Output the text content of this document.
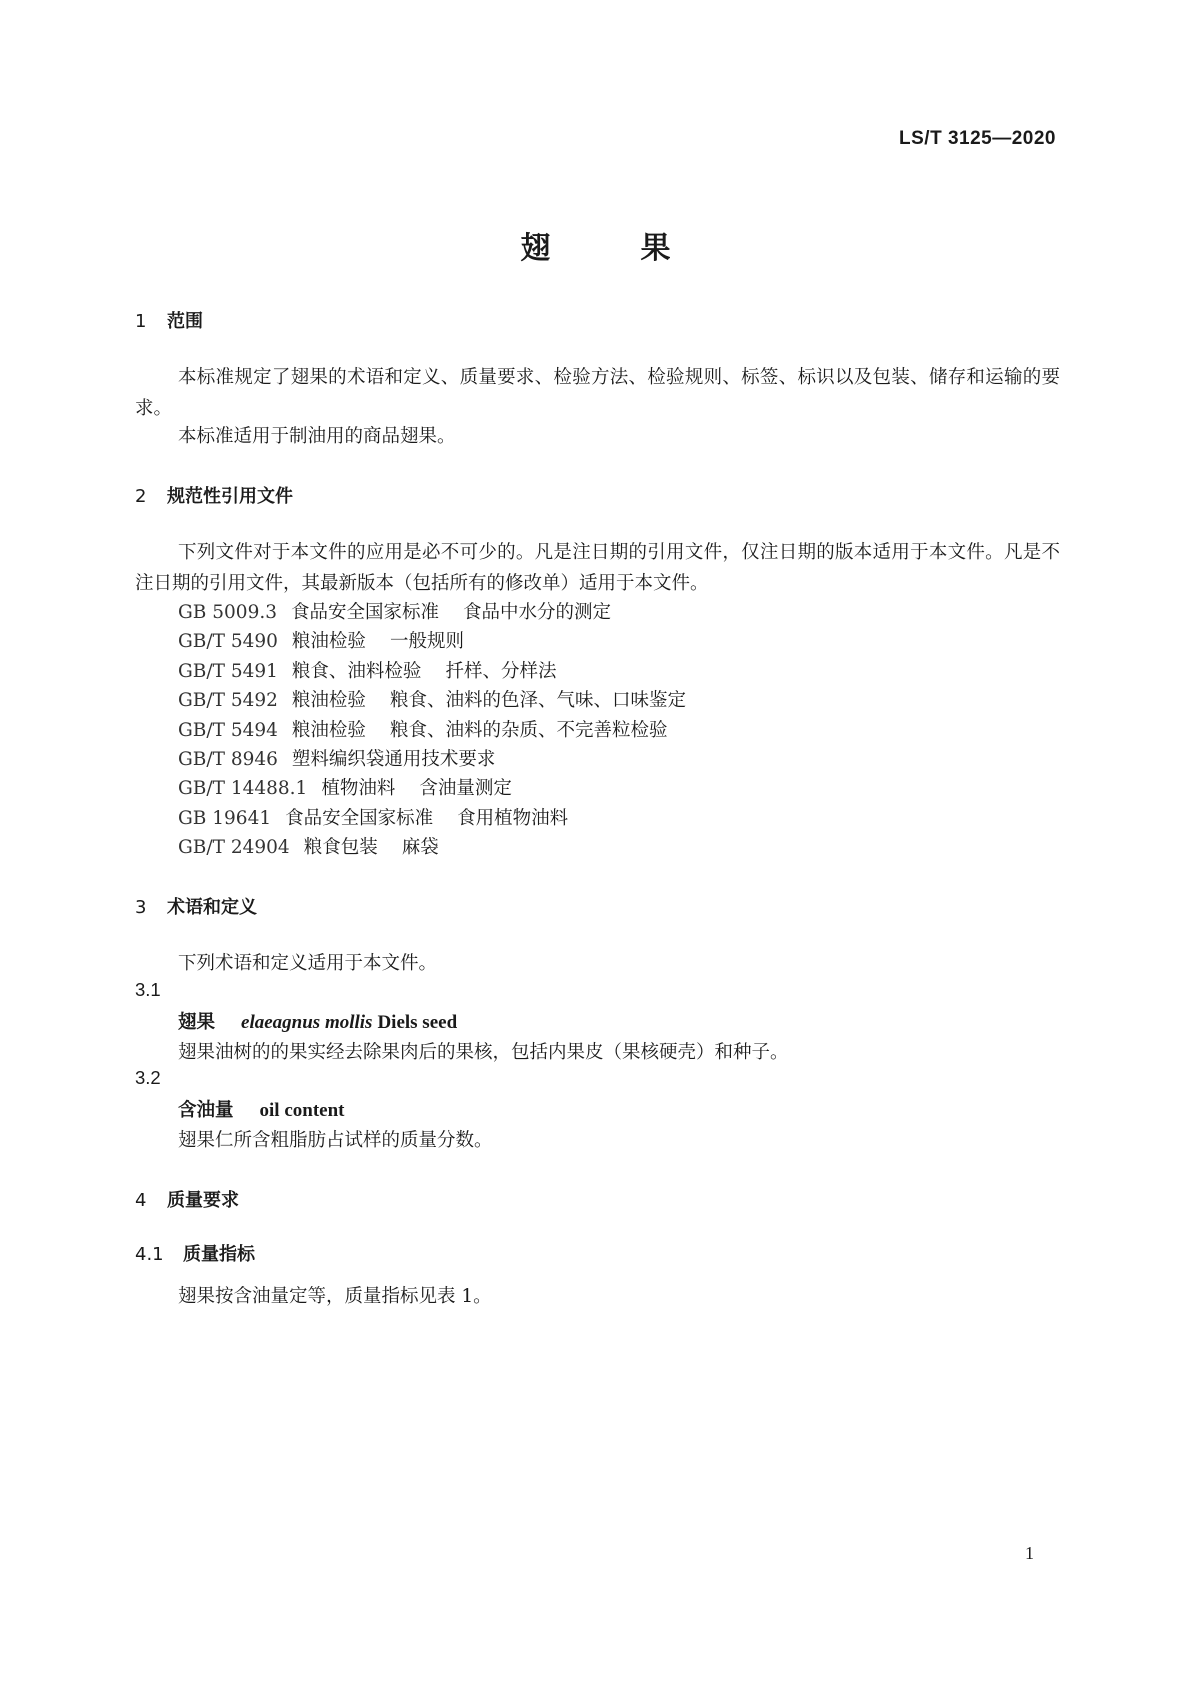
LS/T 3125—2020
翅果
1 范围
本标准规定了翅果的术语和定义、质量要求、检验方法、检验规则、标签、标识以及包装、储存和运输的要求。
本标准适用于制油用的商品翅果。
2 规范性引用文件
下列文件对于本文件的应用是必不可少的。凡是注日期的引用文件，仅注日期的版本适用于本文件。凡是不注日期的引用文件，其最新版本（包括所有的修改单）适用于本文件。
GB 5009.3 食品安全国家标准 食品中水分的测定
GB/T 5490 粮油检验 一般规则
GB/T 5491 粮食、油料检验 扦样、分样法
GB/T 5492 粮油检验 粮食、油料的色泽、气味、口味鉴定
GB/T 5494 粮油检验 粮食、油料的杂质、不完善粒检验
GB/T 8946 塑料编织袋通用技术要求
GB/T 14488.1 植物油料 含油量测定
GB 19641 食品安全国家标准 食用植物油料
GB/T 24904 粮食包装 麻袋
3 术语和定义
下列术语和定义适用于本文件。
3.1
翅果 elaeagnus mollis Diels seed
翅果油树的的果实经去除果肉后的果核，包括内果皮（果核硬壳）和种子。
3.2
含油量 oil content
翅果仁所含粗脂肪占试样的质量分数。
4 质量要求
4.1 质量指标
翅果按含油量定等，质量指标见表 1。
1
